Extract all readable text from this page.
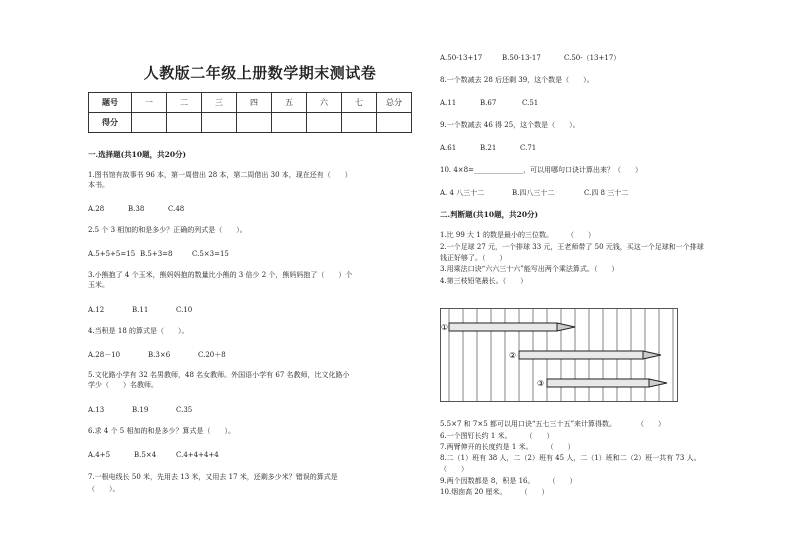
人教版二年级上册数学期末测试卷
题号	一	二	三	四	五	六	七	总分
得分								
一.选择题(共10题，共20分)
1.图书馆有故事书 96 本，第一周借出 28 本，第二周借出 30 本，现在还有（　　）
本书。
A.28	B.38	C.48
2.5 个 3 相加的和是多少？正确的列式是（　　）。
A.5+5+5=15 B.5+3=8	C.5×3=15
3.小熊抱了 4 个玉米，熊妈妈抱的数量比小熊的 3 倍少 2 个，熊妈妈抱了（　　）个
玉米。
A.12	B.11	C.10
4.当积是 18 的算式是（　　）。
A.28－10	B.3×6	C.20＋8
5.文化路小学有 32 名男教师，48 名女教师。外国语小学有 67 名教师，比文化路小
学少（　　）名教师。
A.13	B.19	C.35
6.求 4 个 5 相加的和是多少？算式是（　　）。
A.4+5	B.5×4	C.4+4+4+4
7.一根电线长 50 米，先用去 13 米，又用去 17 米，还剩多少米？错误的算式是
（　　）。
A.50-13+17	B.50-13-17	C.50-（13+17）
8.一个数减去 28 后还剩 39，这个数是（　　）。
A.11	B.67	C.51
9.一个数减去 46 得 25，这个数是（　　）。
A.61	B.21	C.71
10. 4×8=______________，可以用哪句口诀计算出来？（　　）
A. 4 八三十二	B.四八三十二	C.四 8 三十二
二.判断题(共10题，共20分)
1.比 99 大 1 的数是最小的三位数。　　　（　　）
2.一个足球 27 元，一个排球 33 元，王老师带了 50 元钱，买这一个足球和一个排球
钱正好够了。（　　）
3.用乘法口诀“六六三十六”能写出两个乘法算式。（　　）
4.第三枝铅笔最长。（　　）
①
②
③
5.5×7 和 7×5 都可以用口诀“五七三十五”来计算得数。　　　　（　　）
6.一个图钉长约 1 米。　　　（　　）
7.两臂伸开的长度约是 1 米。　　　（　　）
8.二（1）班有 38 人，二（2）班有 45 人，二（1）班和二（2）班一共有 73 人。
（　　）
9.两个因数都是 8，积是 16。　　　（　　）
10.烟囱高 20 厘米。　　　（　　）
